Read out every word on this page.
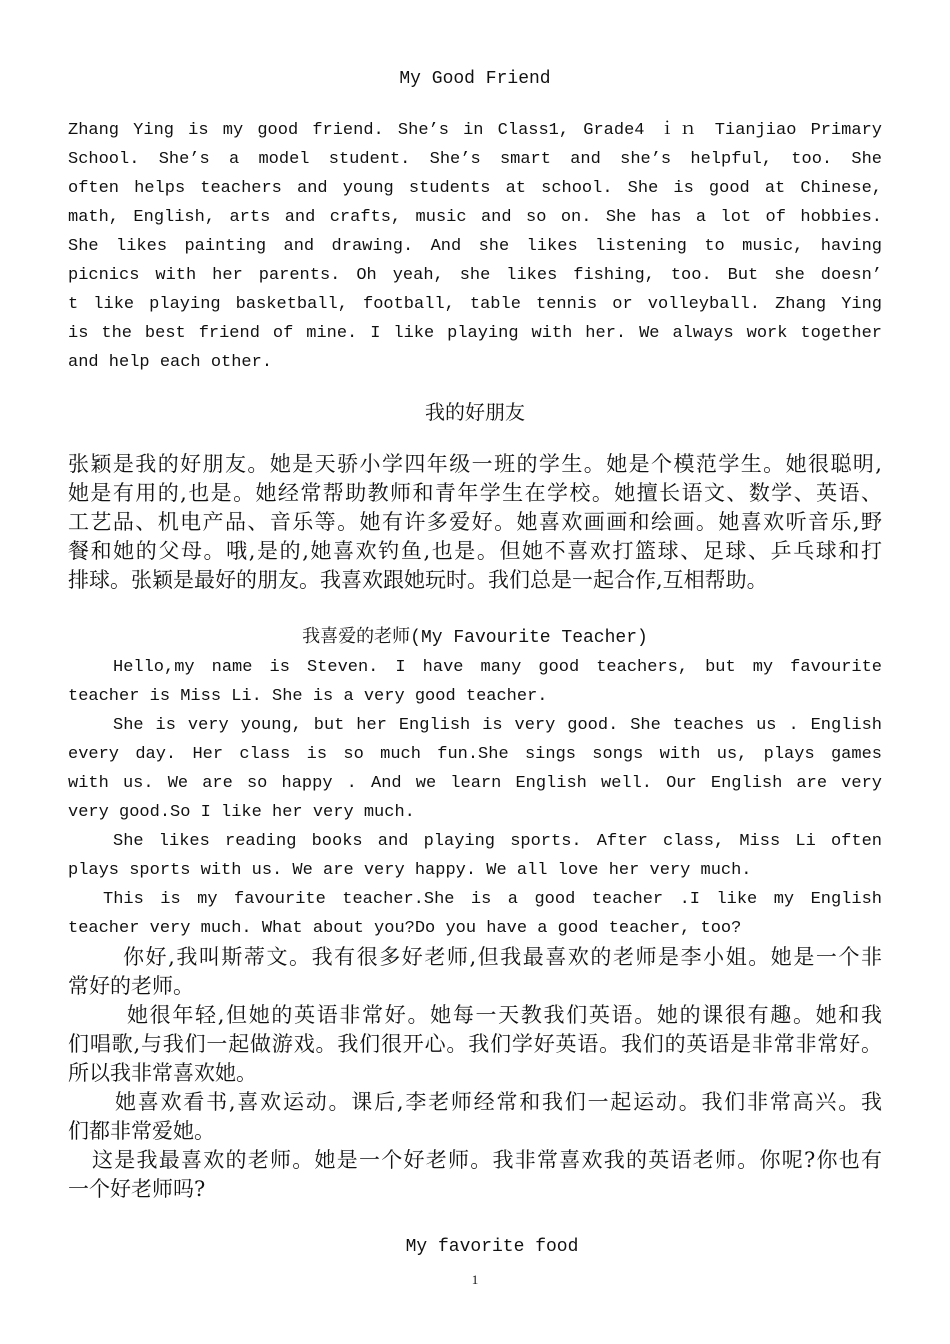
My Good Friend
Zhang Ying is my good friend. She’s in Class1, Grade4 ｉｎ Tianjiao Primary
School. She’s a model student. She’s smart and she’s helpful, too. She
often helps teachers and young students at school. She is good at Chinese,
math, English, arts and crafts, music and so on. She has a lot of hobbies.
She likes painting and drawing. And she likes listening to music, having
picnics with her parents. Oh yeah, she likes fishing, too. But she doesn’
t like playing basketball, football, table tennis or volleyball. Zhang Ying
is the best friend of mine. I like playing with her. We always work together
and help each other.
我的好朋友
张颖是我的好朋友。她是天骄小学四年级一班的学生。她是个模范学生。她很聪明,
她是有用的,也是。她经常帮助教师和青年学生在学校。她擅长语文、数学、英语、
工艺品、机电产品、音乐等。她有许多爱好。她喜欢画画和绘画。她喜欢听音乐,野
餐和她的父母。哦,是的,她喜欢钓鱼,也是。但她不喜欢打篮球、足球、乒乓球和打
排球。张颖是最好的朋友。我喜欢跟她玩时。我们总是一起合作,互相帮助。
我喜爱的老师(My Favourite Teacher)
Hello,my name is Steven. I have many good teachers, but my favourite
teacher is Miss Li. She is a very good teacher.
She is very young, but her English is very good. She teaches us . English
every day. Her class is so much fun.She sings songs with us, plays games
with us. We are so happy . And we learn English well. Our English are very
very good.So I like her very much.
She likes reading books and playing sports. After class, Miss Li often
plays sports with us. We are very happy. We all love her very much.
This is my favourite teacher.She is a good teacher .I like my English
teacher very much. What about you?Do you have a good teacher, too?
你好,我叫斯蒂文。我有很多好老师,但我最喜欢的老师是李小姐。她是一个非
常好的老师。
她很年轻,但她的英语非常好。她每一天教我们英语。她的课很有趣。她和我
们唱歌,与我们一起做游戏。我们很开心。我们学好英语。我们的英语是非常非常好。
所以我非常喜欢她。
她喜欢看书,喜欢运动。课后,李老师经常和我们一起运动。我们非常高兴。我
们都非常爱她。
这是我最喜欢的老师。她是一个好老师。我非常喜欢我的英语老师。你呢?你也有
一个好老师吗?
My favorite food
1
